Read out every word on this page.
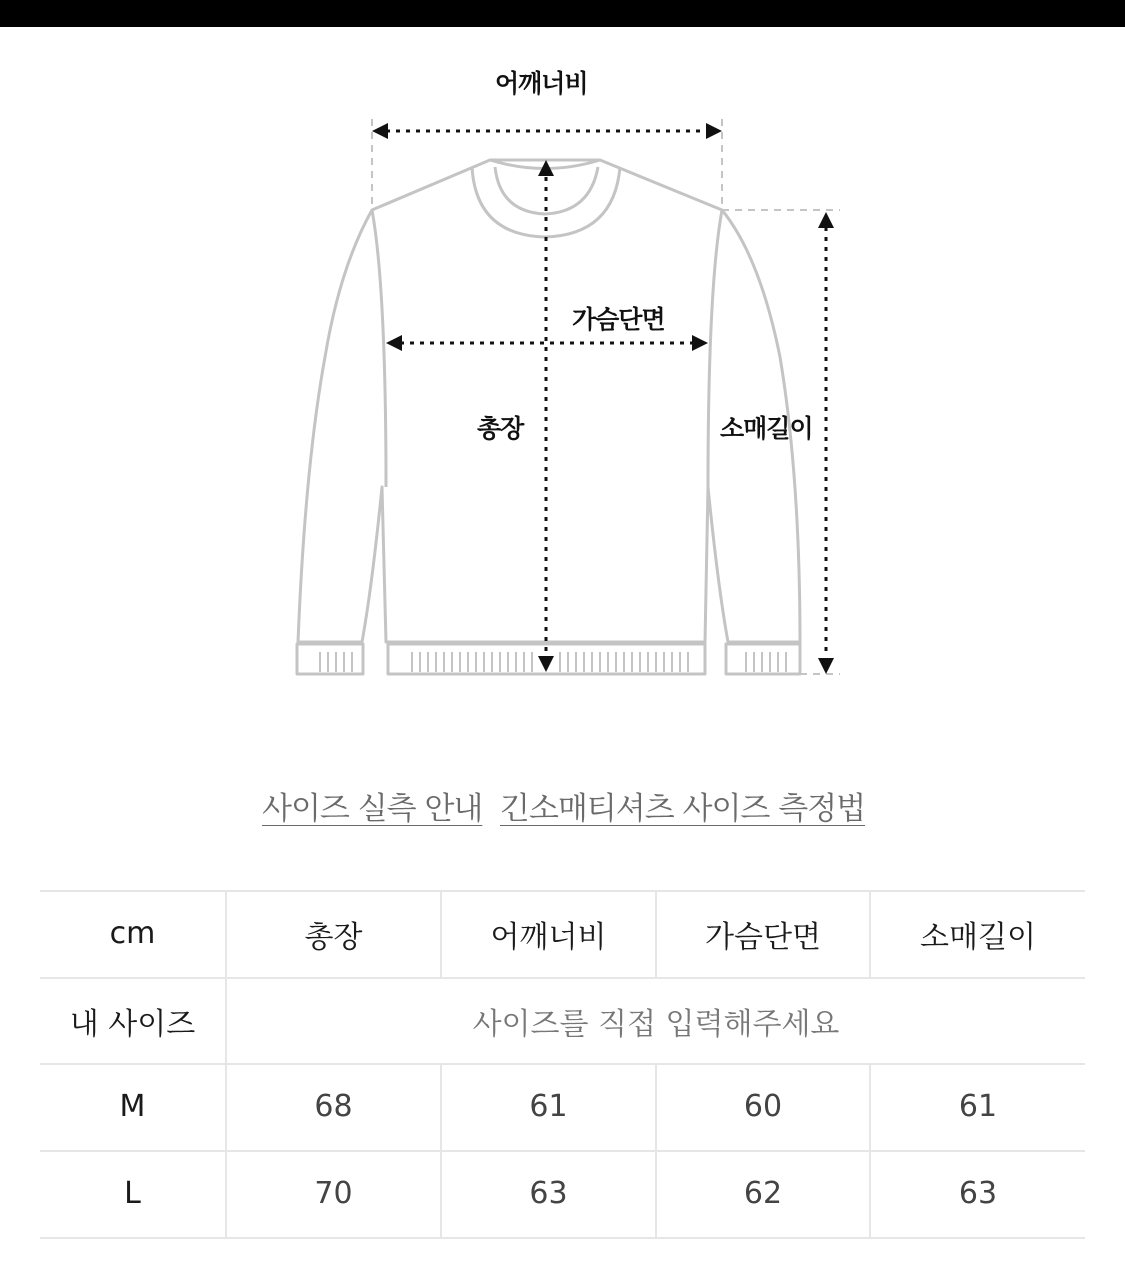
어깨너비
가슴단면
총장	소매길이
사이즈 실측 안내 긴소매티셔츠 사이즈 측정법
cm	총장	어깨너비	가슴단면	소매길이
내 사이즈	사이즈를 직접 입력해주세요
M	68	61	60	61
L	70	63	62	63
